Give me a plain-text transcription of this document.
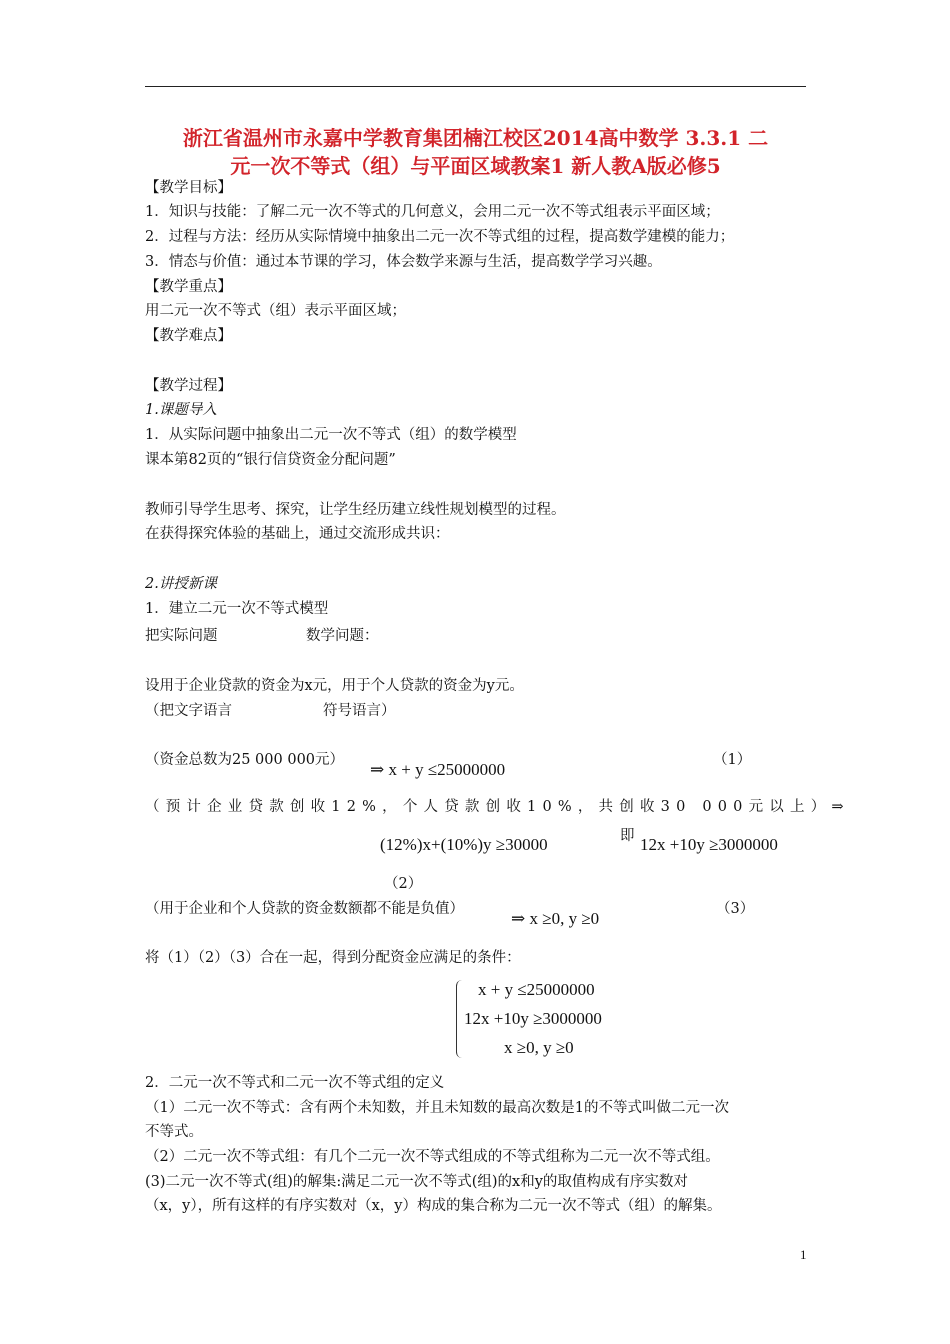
浙江省温州市永嘉中学教育集团楠江校区2014高中数学 3.3.1 二
元一次不等式（组）与平面区域教案1 新人教A版必修5
【教学目标】
1．知识与技能：了解二元一次不等式的几何意义，会用二元一次不等式组表示平面区域；
2．过程与方法：经历从实际情境中抽象出二元一次不等式组的过程，提高数学建模的能力；
3．情态与价值：通过本节课的学习，体会数学来源与生活，提高数学学习兴趣。
【教学重点】
用二元一次不等式（组）表示平面区域；
【教学难点】
【教学过程】
1.课题导入
1．从实际问题中抽象出二元一次不等式（组）的数学模型
课本第82页的“银行信贷资金分配问题”
教师引导学生思考、探究，让学生经历建立线性规划模型的过程。
在获得探究体验的基础上，通过交流形成共识：
2.讲授新课
1．建立二元一次不等式模型
把实际问题	数学问题：
设用于企业贷款的资金为x元，用于个人贷款的资金为y元。
（把文字语言	符号语言）
（资金总数为25 000 000元） ⇒ x + y ≤25000000	（1）
（预计企业贷款创收12%，个人贷款创收10%，共创收30 000元以上）⇒
(12%)x+(10%)y ≥30000	即 12x +10y ≥3000000
（2）
（用于企业和个人贷款的资金数额都不能是负值）	⇒ x ≥0, y ≥0	（3）
将（1）（2）（3）合在一起，得到分配资金应满足的条件：
x + y ≤25000000
12x +10y ≥3000000
x ≥0, y ≥0
2．二元一次不等式和二元一次不等式组的定义
（1）二元一次不等式：含有两个未知数，并且未知数的最高次数是1的不等式叫做二元一次
不等式。
（2）二元一次不等式组：有几个二元一次不等式组成的不等式组称为二元一次不等式组。
(3)二元一次不等式(组)的解集:满足二元一次不等式(组)的x和y的取值构成有序实数对
（x，y），所有这样的有序实数对（x，y）构成的集合称为二元一次不等式（组）的解集。
1
